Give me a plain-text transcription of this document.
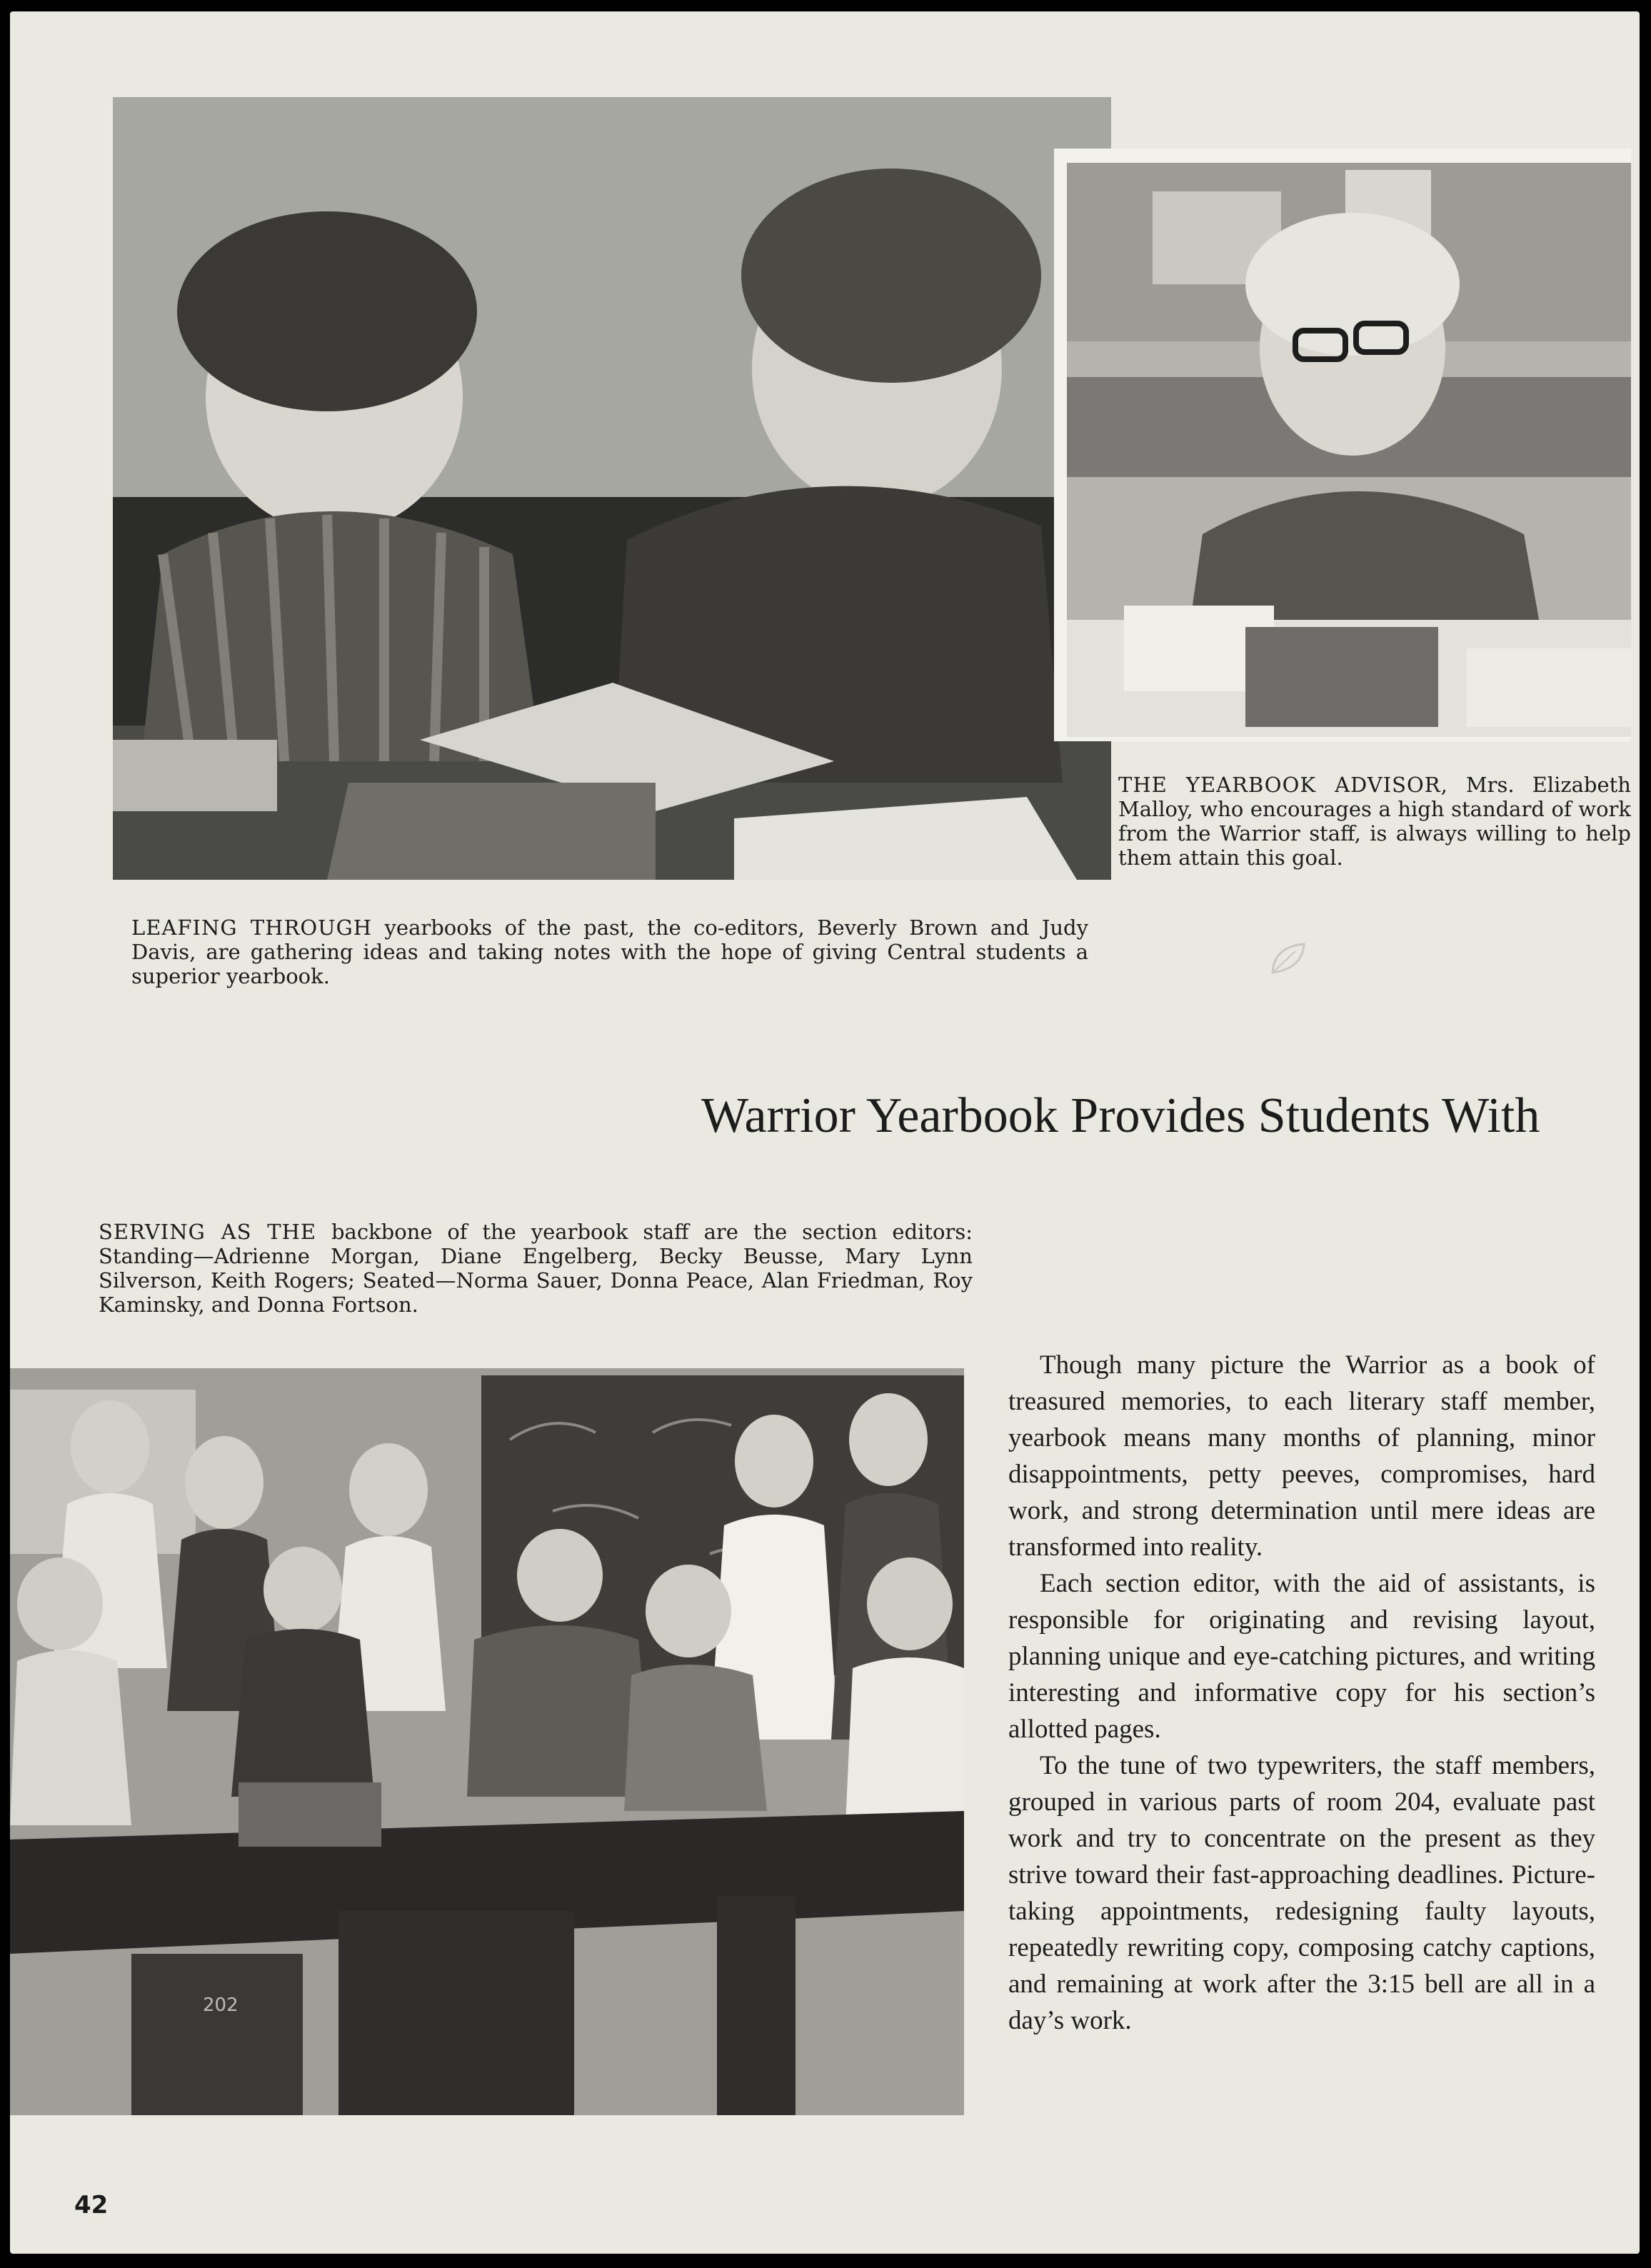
THE YEARBOOK ADVISOR, Mrs. Elizabeth Malloy, who encourages a high standard of work from the Warrior staff, is always willing to help them attain this goal.

LEAFING THROUGH yearbooks of the past, the co-editors, Beverly Brown and Judy Davis, are gathering ideas and taking notes with the hope of giving Central students a superior yearbook.

Warrior Yearbook Provides Students With

SERVING AS THE backbone of the yearbook staff are the section editors: Standing—Adrienne Morgan, Diane Engelberg, Becky Beusse, Mary Lynn Silverson, Keith Rogers; Seated—Norma Sauer, Donna Peace, Alan Friedman, Roy Kaminsky, and Donna Fortson.

202

Though many picture the Warrior as a book of treasured memories, to each literary staff member, yearbook means many months of planning, minor disappointments, petty peeves, compromises, hard work, and strong determination until mere ideas are transformed into reality.

Each section editor, with the aid of assistants, is responsible for originating and revising layout, planning unique and eye-catching pictures, and writing interesting and informative copy for his section’s allotted pages.

To the tune of two typewriters, the staff members, grouped in various parts of room 204, evaluate past work and try to concentrate on the present as they strive toward their fast-approaching deadlines. Picture-taking appointments, redesigning faulty layouts, repeatedly rewriting copy, composing catchy captions, and remaining at work after the 3:15 bell are all in a day’s work.

42
